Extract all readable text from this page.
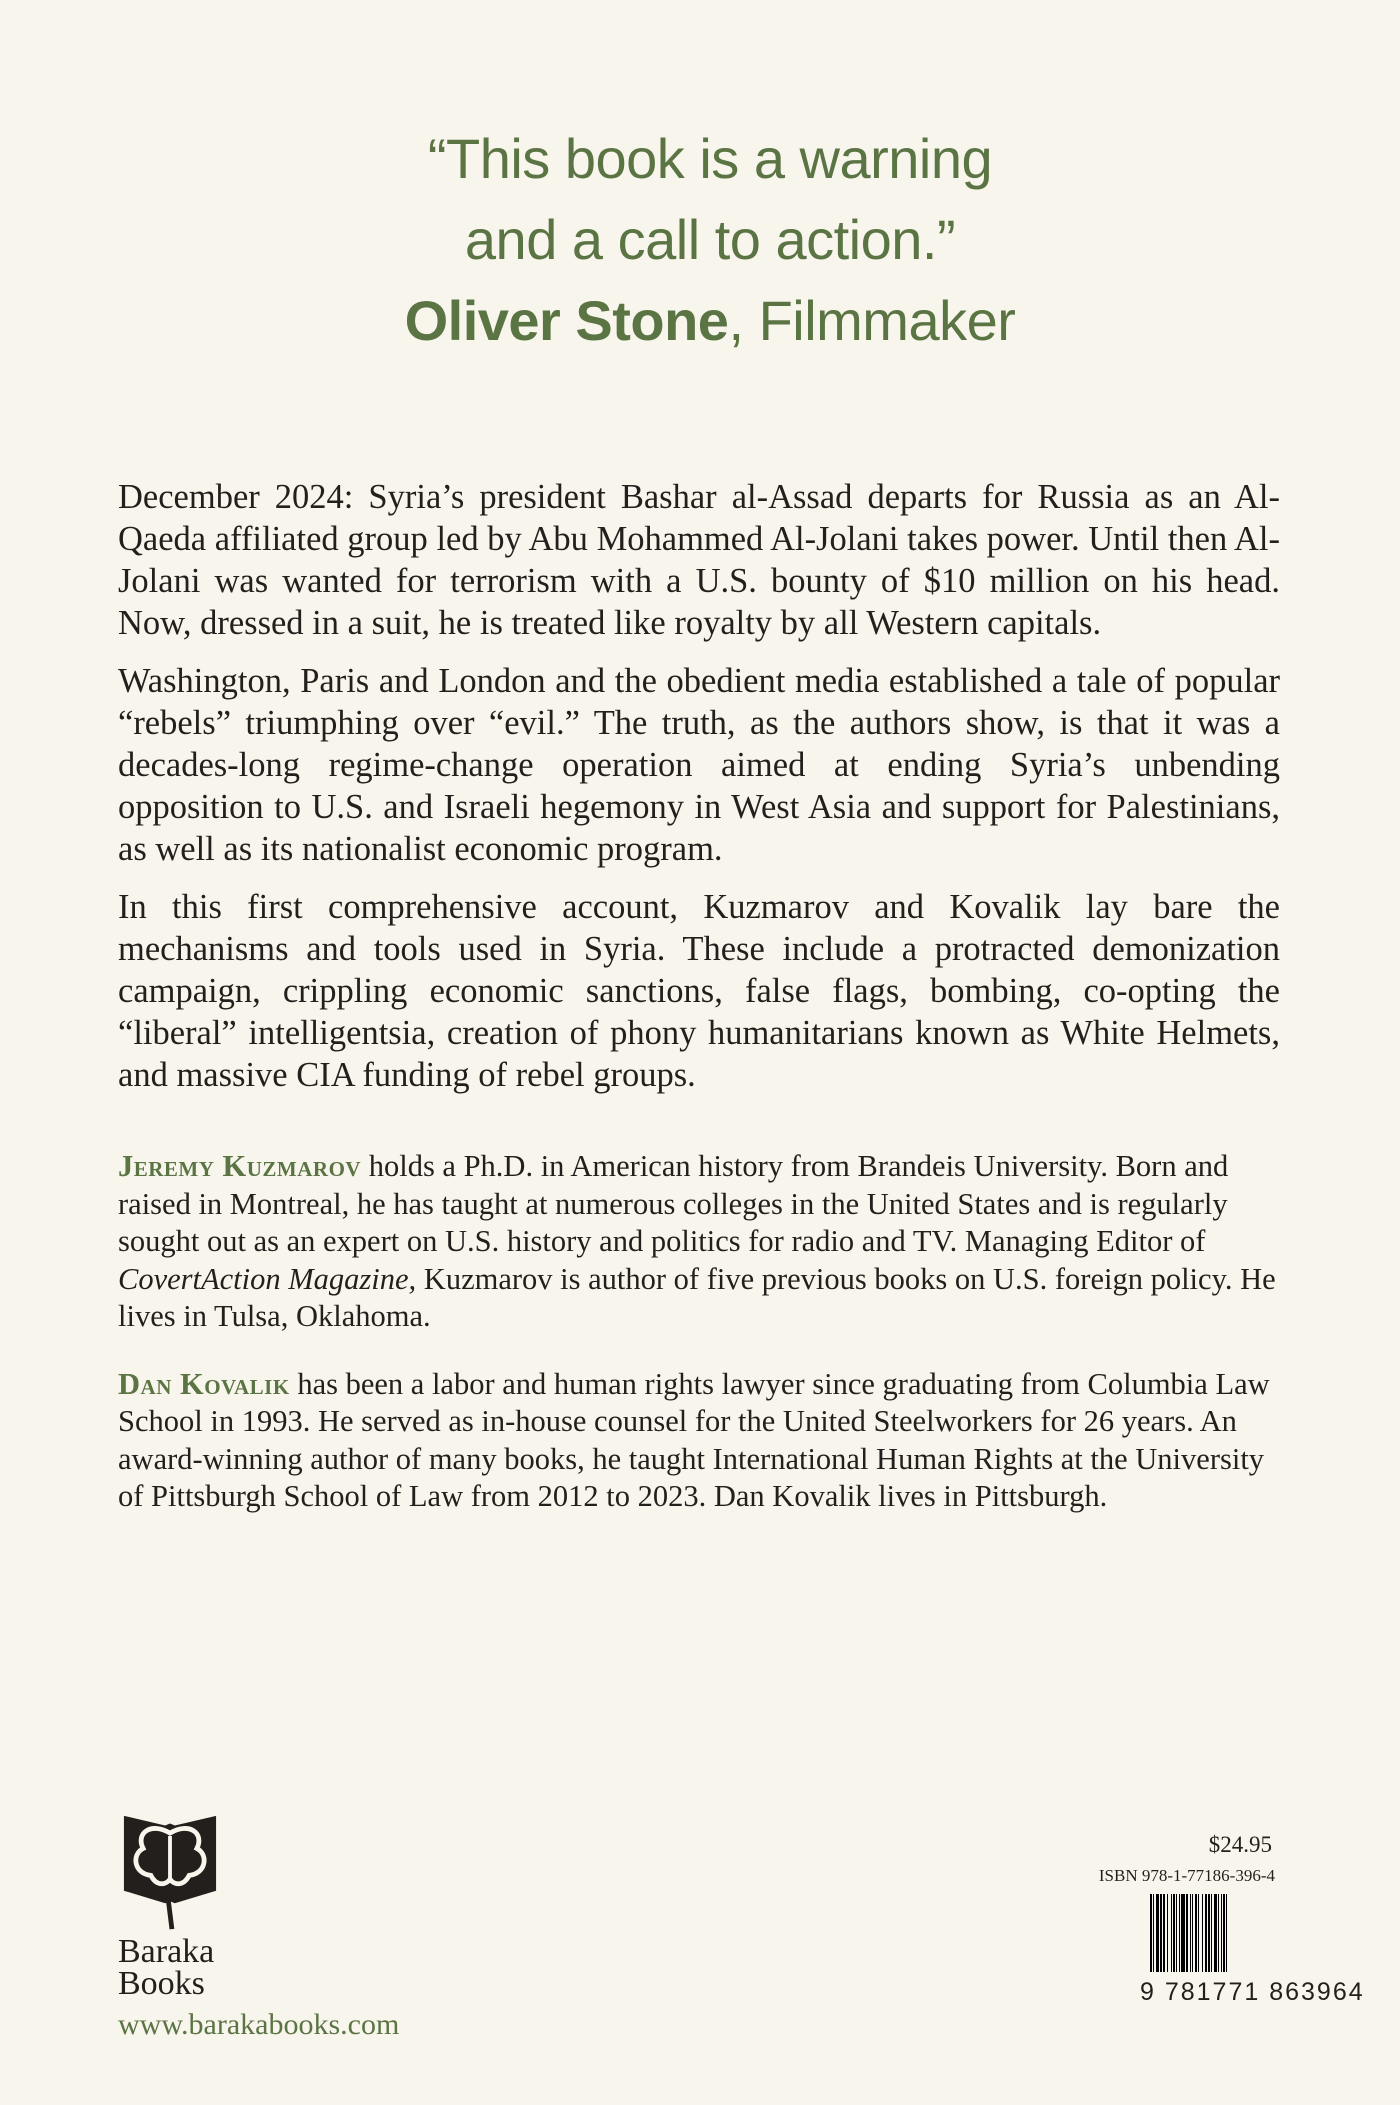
“This book is a warning
and a call to action.”
Oliver Stone, Filmmaker

December 2024: Syria’s president Bashar al-Assad departs for Russia as an Al-Qaeda affiliated group led by Abu Mohammed Al-Jolani takes power. Until then Al-Jolani was wanted for terrorism with a U.S. bounty of $10 million on his head. Now, dressed in a suit, he is treated like royalty by all Western capitals.

Washington, Paris and London and the obedient media established a tale of popular “rebels” triumphing over “evil.” The truth, as the authors show, is that it was a decades-long regime-change operation aimed at ending Syria’s unbending opposition to U.S. and Israeli hegemony in West Asia and support for Palestinians, as well as its nationalist economic program.

In this first comprehensive account, Kuzmarov and Kovalik lay bare the mechanisms and tools used in Syria. These include a protracted demonization campaign, crippling economic sanctions, false flags, bombing, co-opting the “liberal” intelligentsia, creation of phony humanitarians known as White Helmets, and massive CIA funding of rebel groups.

Jeremy Kuzmarov holds a Ph.D. in American history from Brandeis University. Born and raised in Montreal, he has taught at numerous colleges in the United States and is regularly sought out as an expert on U.S. history and politics for radio and TV. Managing Editor of CovertAction Magazine, Kuzmarov is author of five previous books on U.S. foreign policy. He lives in Tulsa, Oklahoma.

Dan Kovalik has been a labor and human rights lawyer since graduating from Columbia Law School in 1993. He served as in-house counsel for the United Steelworkers for 26 years. An award-winning author of many books, he taught International Human Rights at the University of Pittsburgh School of Law from 2012 to 2023. Dan Kovalik lives in Pittsburgh.

Baraka
Books
www.barakabooks.com
$24.95
ISBN 978-1-77186-396-4
9 781771 863964
